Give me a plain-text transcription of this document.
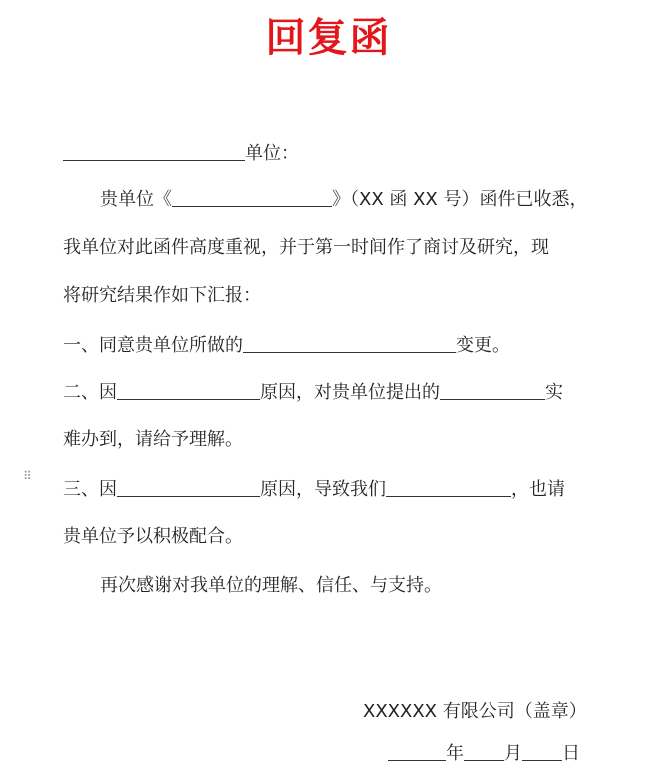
回复函
单位：
贵单位《	》（XX 函 XX 号）函件已收悉，
我单位对此函件高度重视，并于第一时间作了商讨及研究，现
将研究结果作如下汇报：
一、同意贵单位所做的	变更。
二、因	原因，对贵单位提出的	实
难办到，请给予理解。
⠿
三、因	原因，导致我们	，也请
贵单位予以积极配合。
再次感谢对我单位的理解、信任、与支持。
XXXXXX 有限公司（盖章）
年 月 日
